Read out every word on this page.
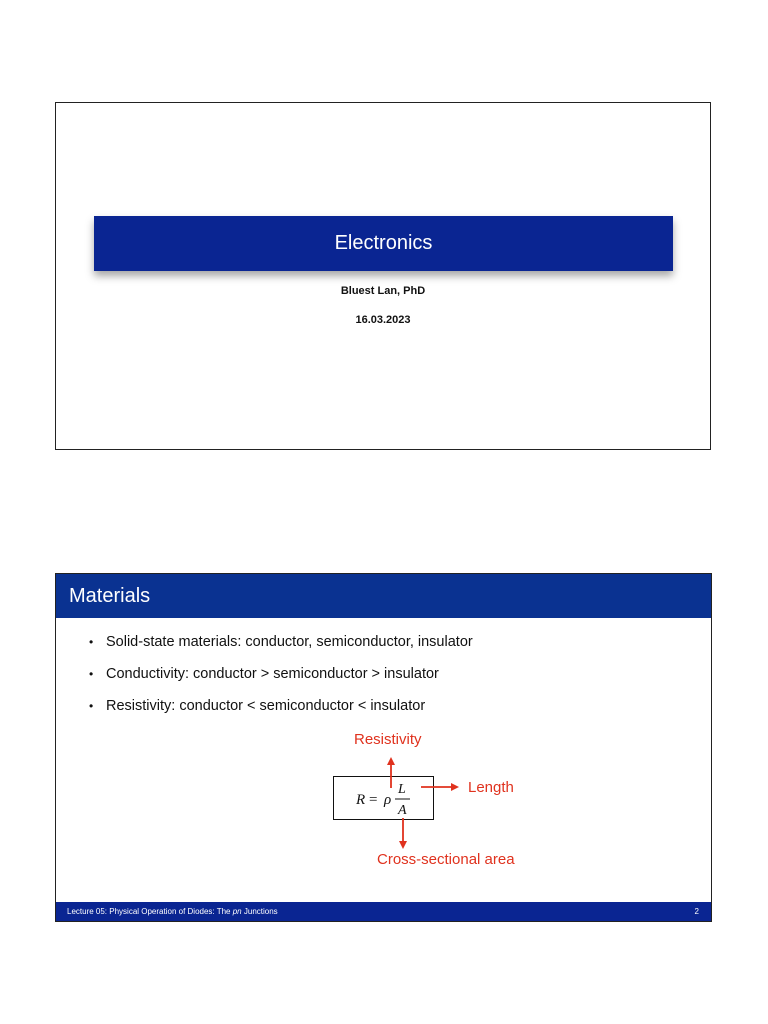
Electronics
Bluest Lan, PhD
16.03.2023
Materials
• Solid-state materials: conductor, semiconductor, insulator
• Conductivity: conductor > semiconductor > insulator
• Resistivity: conductor < semiconductor < insulator
R = ρ
L
A
Resistivity
Length
Cross-sectional area
Lecture 05: Physical Operation of Diodes: The pn Junctions	2
